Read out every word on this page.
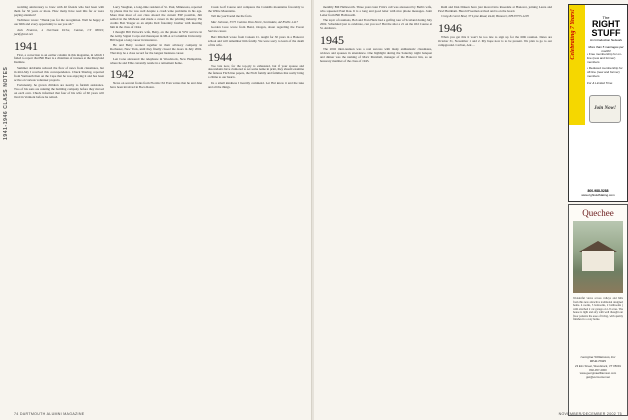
1941-1946 CLASS NOTES

wedding anniversary to brew with 40 friends who had been with them for 50 years or more. How many have read this far or were paying attention?

Tachmore wrote: "Thank you for the recognition. Well be happy at our 60th and every opportunity to see you all."

Jack Fearons, 4 Overlook Drive, Canton, CT 06019; jackf@snet.net

1941

First, a correction to an earlier column in this magazine, in which I failed to report that Bill Baer is a chairman of trustees at the Maryland Institute.

Summer doldrums reduced the flow of news from classmates, but in mid-July I received this correspondence. Chuck Sharing, reported from Yarmouth then on the Cape that he was enjoying it and has been active on various volunteer projects.

Fortunately, he grown children are nearby to furnish assistance. Two of his sons are running the building company before they moved on each own. Chuck informed that four of his wife of 60 years will lived in Vermont before he retired.

Larry Vaughan, a long-time resident of St. Paul, Minnesota, reported by phone that he was well despite a crash wine problems in his age. More than most of our class aboard the current ESP possible, Jim settled in the Midwest and made a career in the printing industry. He credits Bob Yeager as an Alpha Delt fraternity brother with meeting him in the class of 1944.

I thought Bill Pattock's wife, Betty, on the phone in WW service in the Army Signal Corps and thereupon in MLA at Columbia University. Bill began a long career in insurance.

He and Betty worked together in their advisory company in Rochester, New York, until they finally closed the doors in July 2002. That may be a class record for the longest business career.

Len Cone answered the telephone in Woodstock, New Hampshire, where he and Ellie currently reside in a retirement home.

1942

News on several fronts from Florida: Ed Fran writes that he and Jane have been involved in Boca Raton.

Creek Golf Course and compares the Catskills mountains favorably to the White Mountains.

Tell me you'll send me the facts.

Mac Johnson, 5575 Camino Dios Norte, Scottsdale, AZ 85261-1417

Gordon Luce wrote from Bend, Oregon, about regarding the Forest Service career.

Bert Mitchell wrote from Canaan Ct. taught for 30 years in a Hanover school and will remember him fondly. We were sorry to learn of the death of his wife.

1944

Too late now, for the top-ply is exhausted, but if your spouse and descendants have clamored to set some name in print, they should examine the famous Fitch line papers, the Fitch family and families that really bring a chime to our hearts.

Its a small kindness I heartily commend. Let Hal know it and the lake and all the things.

74 DARTMOUTH ALUMNI MAGAZINE

monthly Bill Hallsworth. Three years later Fritz's call was answered by Beth's wife, who squeezed Paul Rau. It is a long and good letter with nice phone messages. Joint Letter from Bill Hallsworth.

The topic of reunions, Bob and Fran Hartz had a golfing tour of Scotland during July 2002. Scheduled just to celebrate, can you too? But the shot a 21 on the Old Course at St. Andrews.

1945

The 2002 mini-reunion was a real success with many enthusiastic classmates, widows and spouses in attendance. One highlight during the Saturday night banquet and dinner was the naming of Marv Marshall, manager of the Hanover Inn, as an honorary member of the class of 1945.

Ruth and Dan Dinson have just moved into Rosedale at Hanover, joining Laura and Pawl Burnham. Harold Freeman arrived and is on the board.

Craig & Carol Beal, 37 Lyme Road, #449, Hanover, NH 03755-1205

1946

When you get this it won't be too late to sign up for the 60th reunion. Dates are October 31, November 1 and 2. My hope now is to be present. We plan to go to our campground. Carlton, Ark ...	Celebrating 7 Years!	The
RIGHT STUFF
An Introduction Network
More than 5 marriages per month!
• Free membership for on-line (new and former) members
• Reduced membership for off-line (new and former) members
For & Limited Time
Join Now!
800-988-5288
www.rightstuffdating.com
Quechee
Wonderful views across valleys and hills from this new attractive traditional designed home. 4 rooms, 3 bedrooms, 2 bathrooms ( with attached 2 car garage on 1.8 acres. The house is light and airy with well thought out floor patterns the ease of living, with quality finishes in a cozy home.
Georgina Williamson, Inc REALTORS
23 Elm Street, Woodstock, VT 05091
802-457-2000
www.georginawilliamson.com
gwi@vermontel.net
NOVEMBER/DECEMBER 2002 75
